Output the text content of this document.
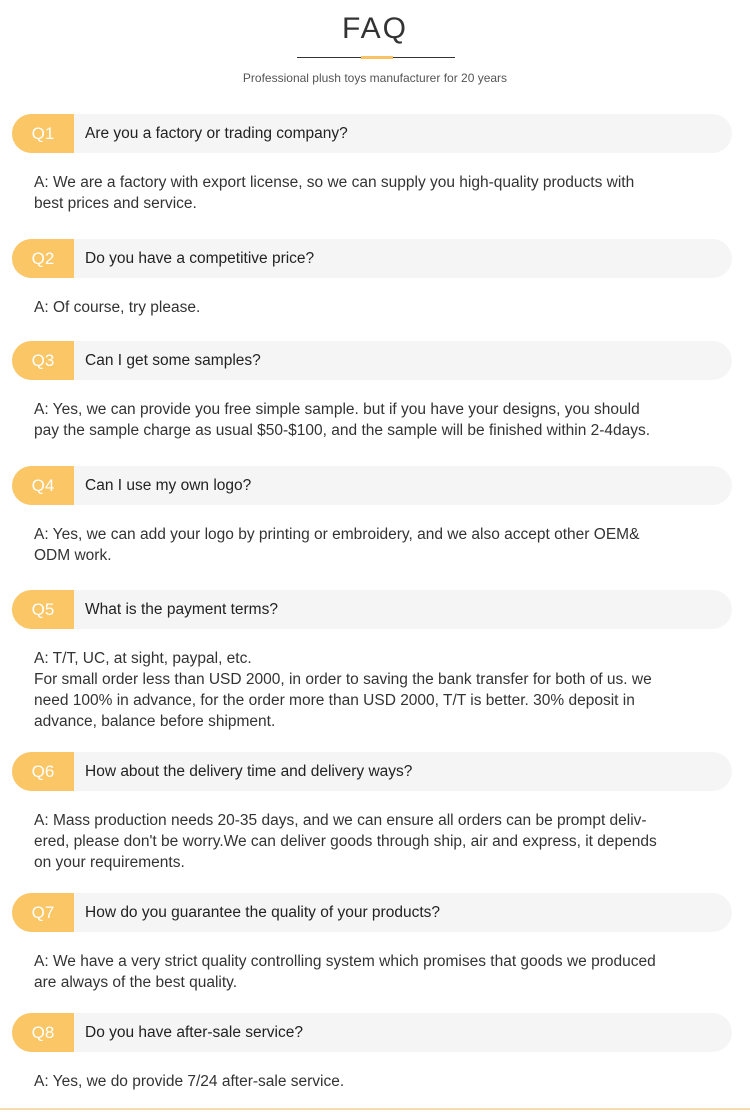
FAQ
Professional plush toys manufacturer for 20 years
Q1	Are you a factory or trading company?
A: We are a factory with export license, so we can supply you high-quality products with
best prices and service.
Q2	Do you have a competitive price?
A: Of course, try please.
Q3	Can I get some samples?
A: Yes, we can provide you free simple sample. but if you have your designs, you should
pay the sample charge as usual $50-$100, and the sample will be finished within 2-4days.
Q4	Can I use my own logo?
A: Yes, we can add your logo by printing or embroidery, and we also accept other OEM&
ODM work.
Q5	What is the payment terms?
A: T/T, UC, at sight, paypal, etc.
For small order less than USD 2000, in order to saving the bank transfer for both of us. we
need 100% in advance, for the order more than USD 2000, T/T is better. 30% deposit in
advance, balance before shipment.
Q6	How about the delivery time and delivery ways?
A: Mass production needs 20-35 days, and we can ensure all orders can be prompt deliv-
ered, please don't be worry.We can deliver goods through ship, air and express, it depends
on your requirements.
Q7	How do you guarantee the quality of your products?
A: We have a very strict quality controlling system which promises that goods we produced
are always of the best quality.
Q8	Do you have after-sale service?
A: Yes, we do provide 7/24 after-sale service.
